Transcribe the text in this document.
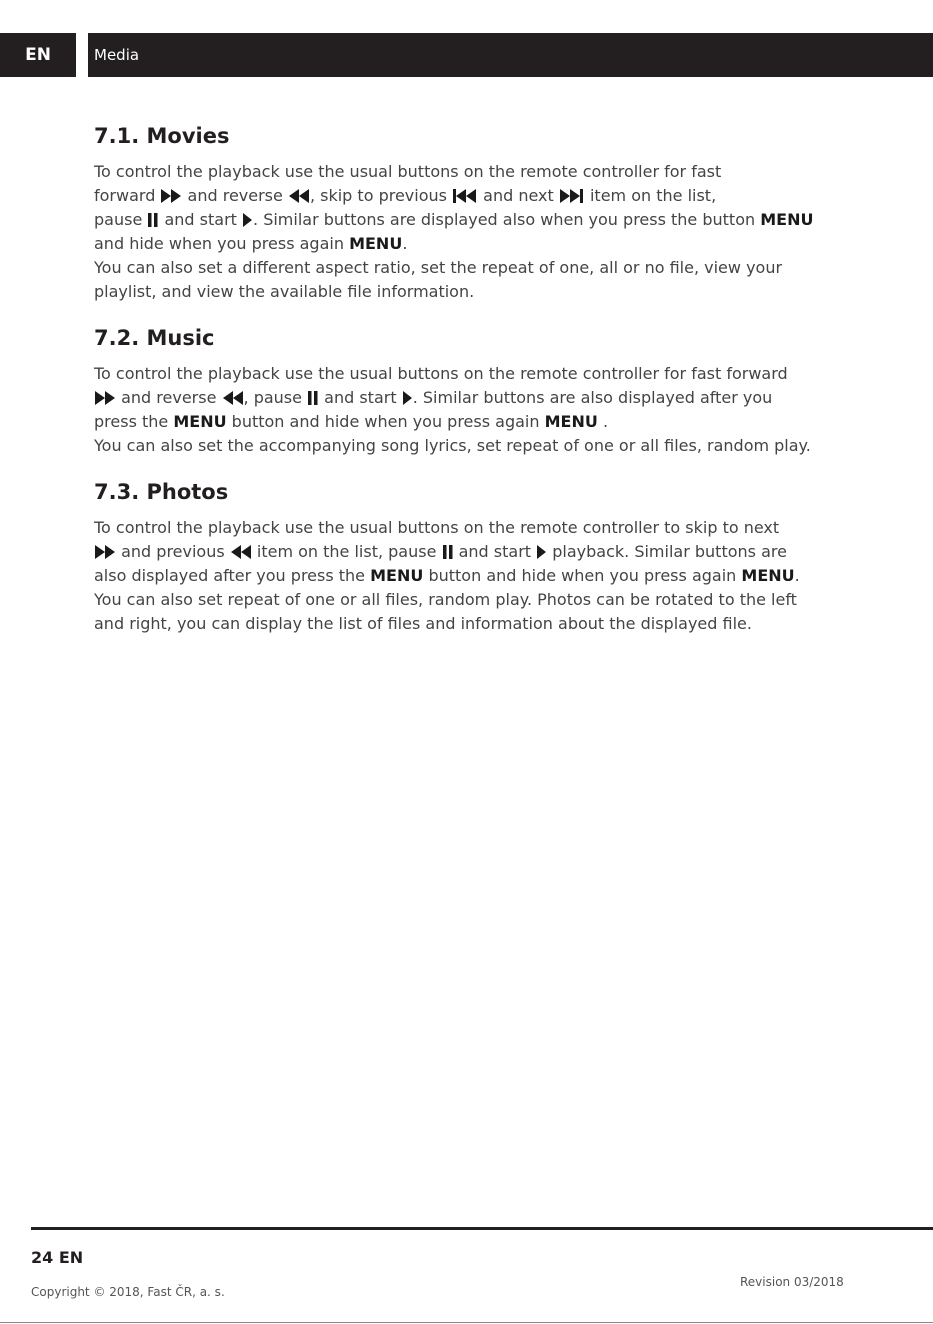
EN	Media
7.1. Movies
To control the playback use the usual buttons on the remote controller for fast
forward and reverse , skip to previous and next item on the list,
pause and start . Similar buttons are displayed also when you press the button MENU
and hide when you press again MENU.
You can also set a different aspect ratio, set the repeat of one, all or no file, view your
playlist, and view the available file information.
7.2. Music
To control the playback use the usual buttons on the remote controller for fast forward

and reverse , pause and start . Similar buttons are also displayed after you
press the MENU button and hide when you press again MENU .
You can also set the accompanying song lyrics, set repeat of one or all files, random play.
7.3. Photos
To control the playback use the usual buttons on the remote controller to skip to next

and previous item on the list, pause and start playback. Similar buttons are
also displayed after you press the MENU button and hide when you press again MENU.
You can also set repeat of one or all files, random play. Photos can be rotated to the left
and right, you can display the list of files and information about the displayed file.
24 EN
Copyright © 2018, Fast ČR, a. s.
Revision 03/2018
